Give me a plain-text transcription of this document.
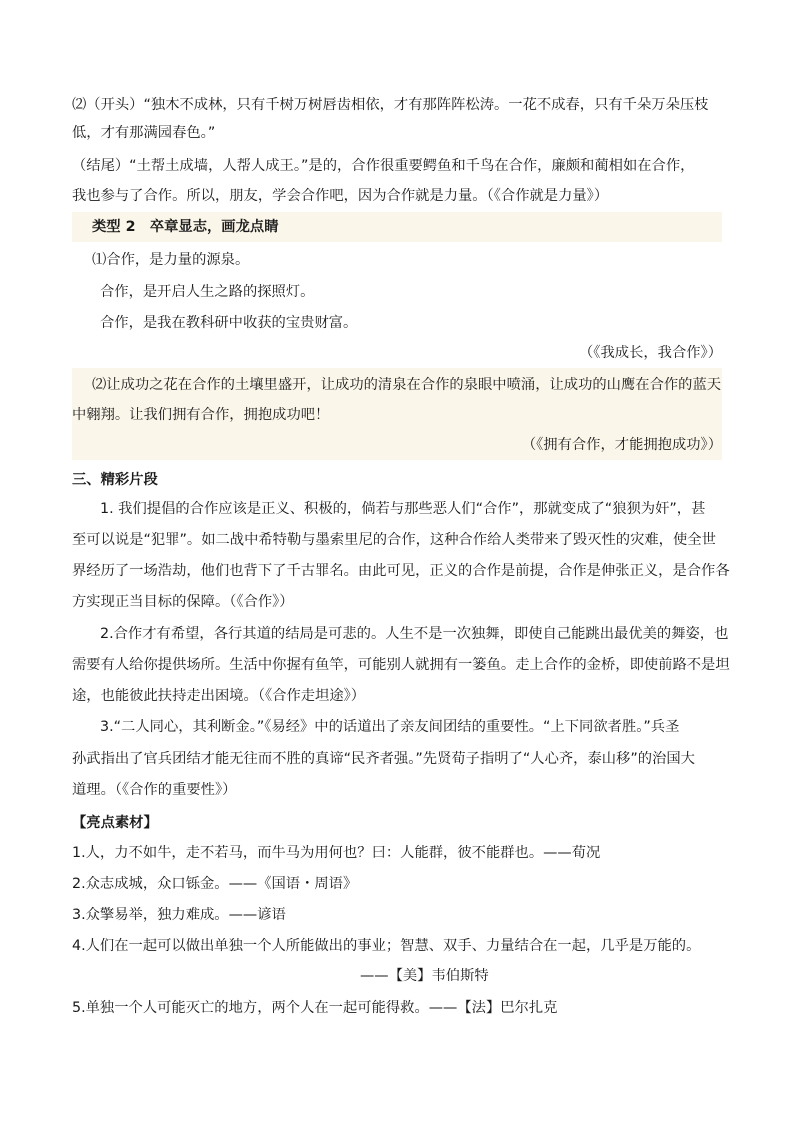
⑵（开头）“独木不成林，只有千树万树唇齿相依，才有那阵阵松涛。一花不成春，只有千朵万朵压枝
低，才有那满园春色。”
（结尾）“土帮土成墙，人帮人成王。”是的，合作很重要鳄鱼和千鸟在合作，廉颇和蔺相如在合作，
我也参与了合作。所以，朋友，学会合作吧，因为合作就是力量。（《合作就是力量》）
类型 2　卒章显志，画龙点睛
⑴合作，是力量的源泉。
合作，是开启人生之路的探照灯。
合作，是我在教科研中收获的宝贵财富。
（《我成长，我合作》）
⑵让成功之花在合作的土壤里盛开，让成功的清泉在合作的泉眼中喷涌，让成功的山鹰在合作的蓝天
中翱翔。让我们拥有合作，拥抱成功吧！
（《拥有合作，才能拥抱成功》）
三、精彩片段
1. 我们提倡的合作应该是正义、积极的，倘若与那些恶人们“合作”，那就变成了“狼狈为奸”，甚
至可以说是“犯罪”。如二战中希特勒与墨索里尼的合作，这种合作给人类带来了毁灭性的灾难，使全世
界经历了一场浩劫，他们也背下了千古罪名。由此可见，正义的合作是前提，合作是伸张正义，是合作各
方实现正当目标的保障。（《合作》）
2.合作才有希望，各行其道的结局是可悲的。人生不是一次独舞，即使自己能跳出最优美的舞姿，也
需要有人给你提供场所。生活中你握有鱼竿，可能别人就拥有一篓鱼。走上合作的金桥，即使前路不是坦
途，也能彼此扶持走出困境。（《合作走坦途》）
3.“二人同心，其利断金。”《易经》中的话道出了亲友间团结的重要性。“上下同欲者胜。”兵圣
孙武指出了官兵团结才能无往而不胜的真谛“民齐者强。”先贤荀子指明了“人心齐，泰山移”的治国大
道理。（《合作的重要性》）
【亮点素材】
1.人，力不如牛，走不若马，而牛马为用何也？曰：人能群，彼不能群也。——荀况
2.众志成城，众口铄金。——《国语・周语》
3.众擎易举，独力难成。——谚语
4.人们在一起可以做出单独一个人所能做出的事业；智慧、双手、力量结合在一起，几乎是万能的。
——【美】韦伯斯特
5.单独一个人可能灭亡的地方，两个人在一起可能得救。——【法】巴尔扎克
